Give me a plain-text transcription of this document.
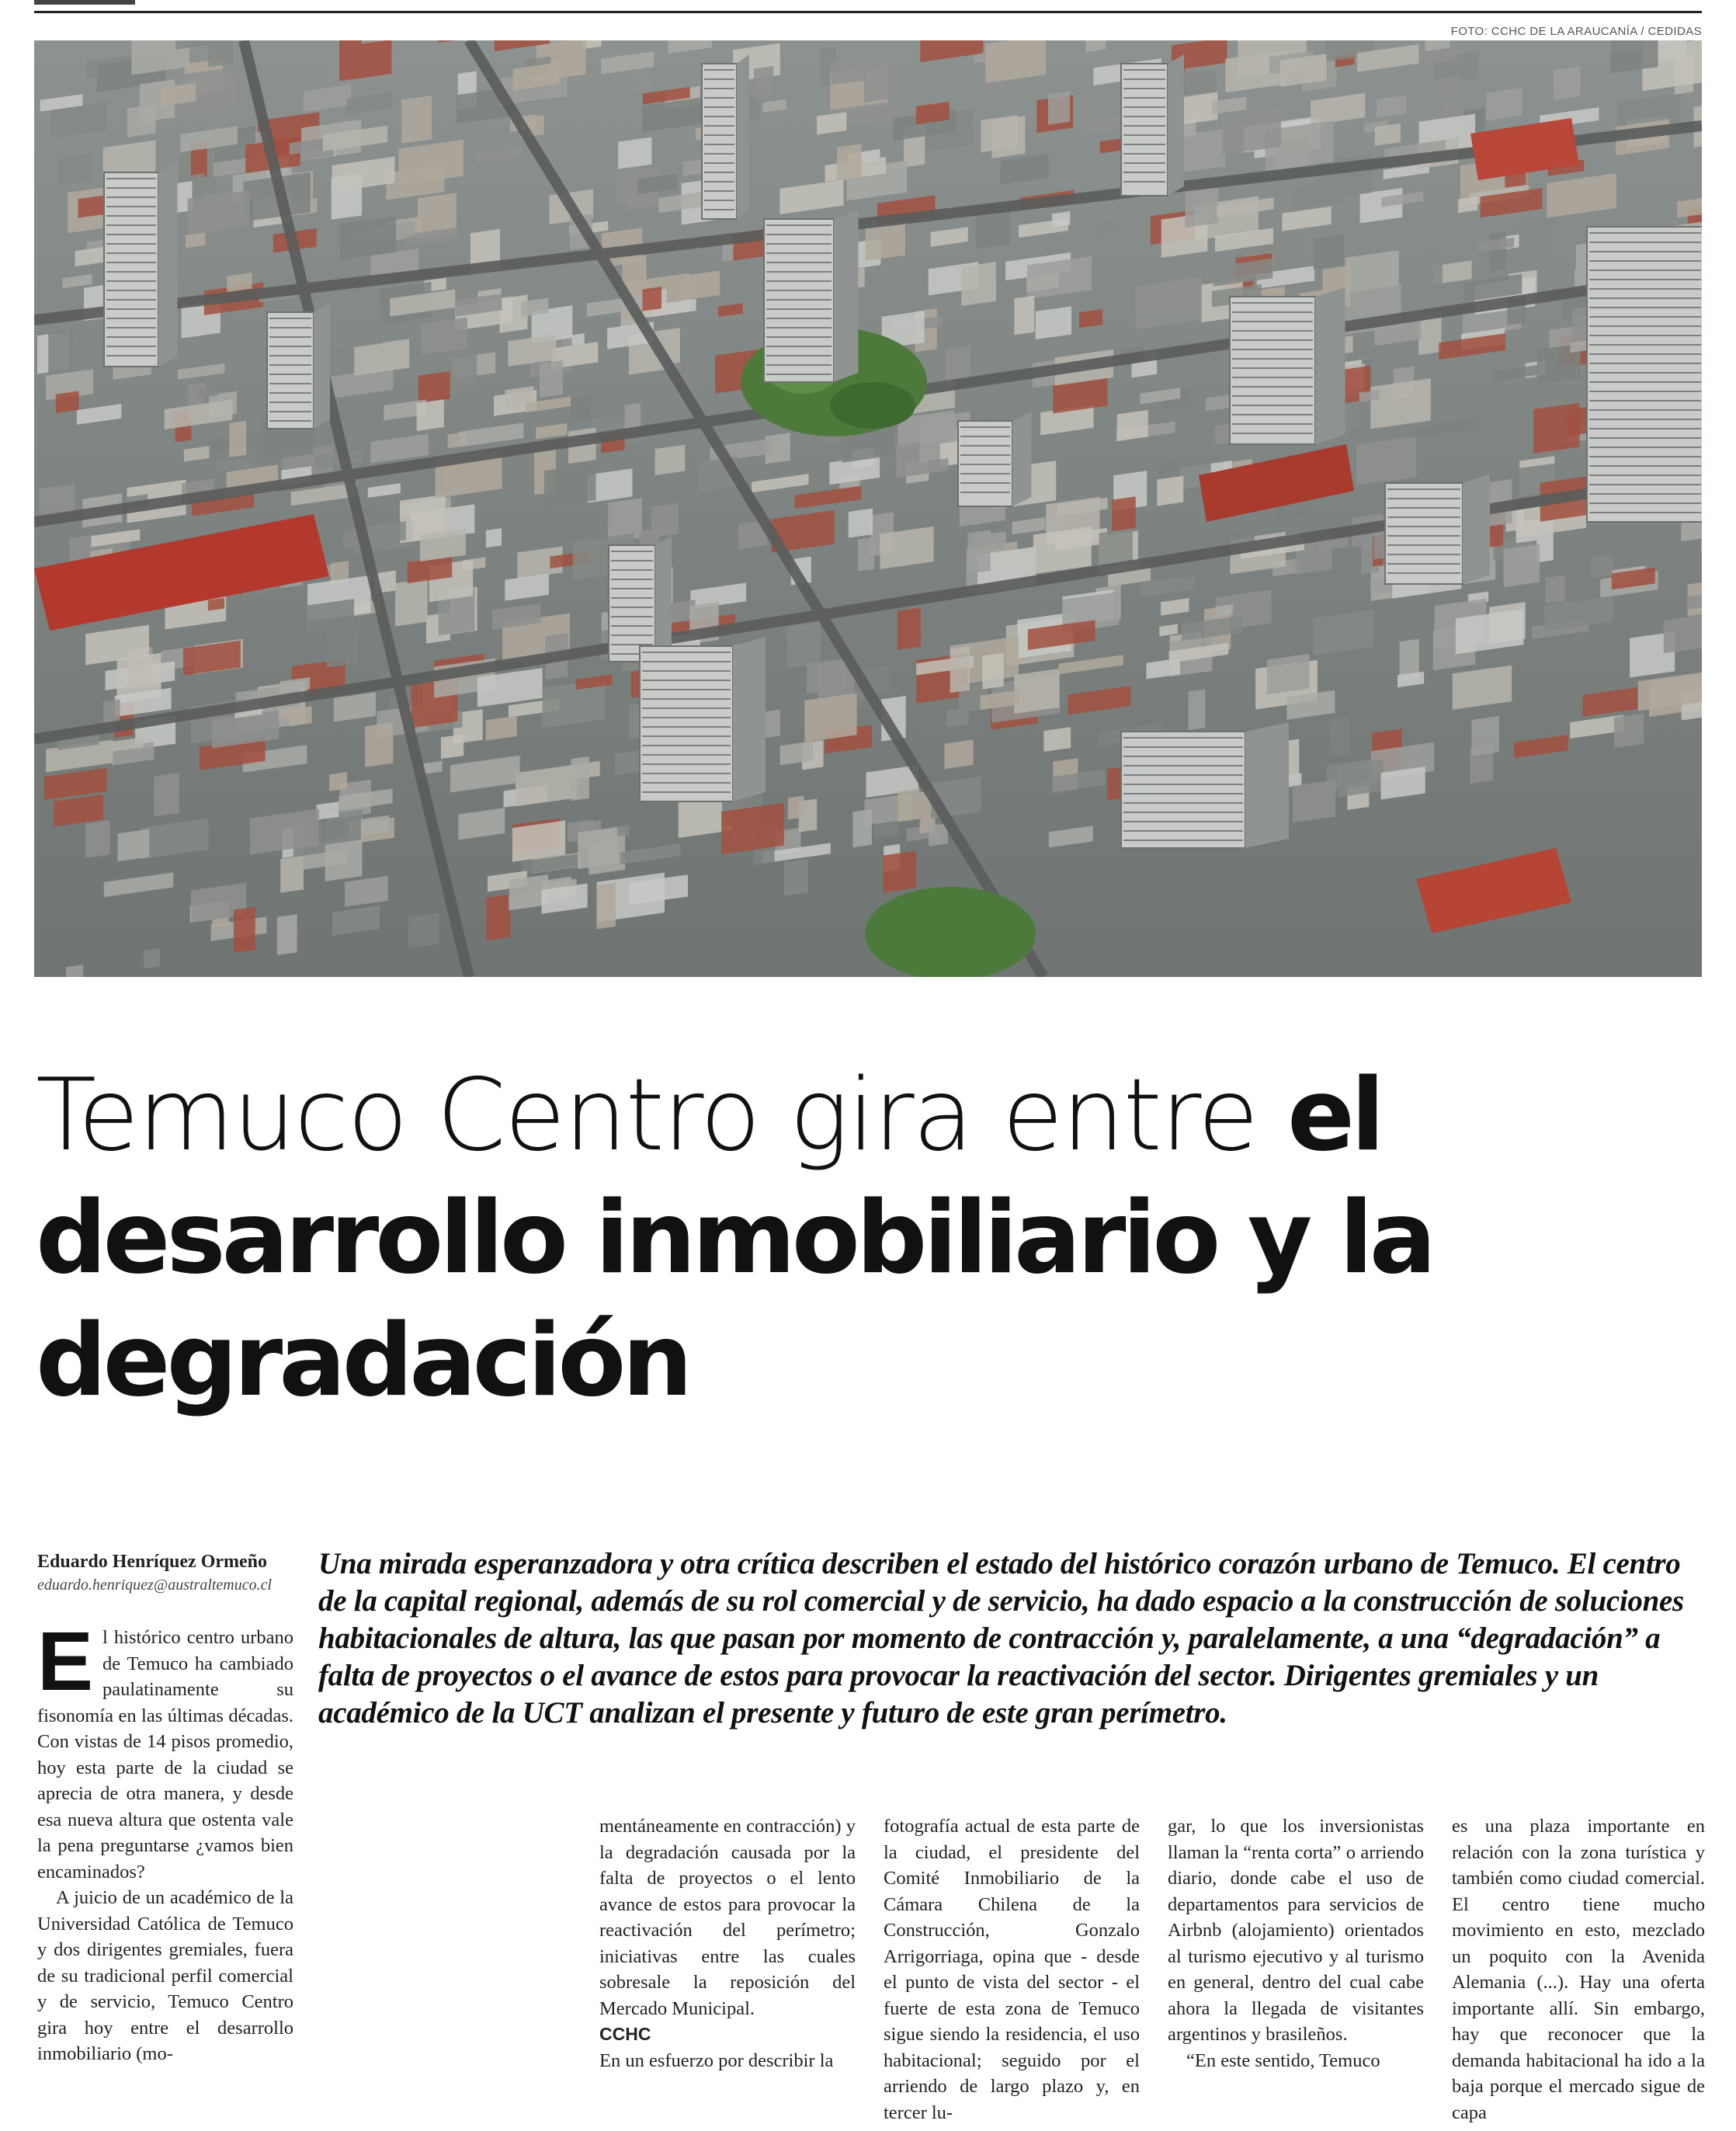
FOTO: CCHC DE LA ARAUCANÍA / CEDIDAS
Temuco Centro gira entre el desarrollo inmobiliario y la degradación
Eduardo Henríquez Ormeño
eduardo.henriquez@australtemuco.cl
Una mirada esperanzadora y otra crítica describen el estado del histórico corazón urbano de Temuco. El centro de la capital regional, además de su rol comercial y de servicio, ha dado espacio a la construcción de soluciones habitacionales de altura, las que pasan por momento de contracción y, paralelamente, a una “degradación” a falta de proyectos o el avance de estos para provocar la reactivación del sector. Dirigentes gremiales y un académico de la UCT analizan el presente y futuro de este gran perímetro.

El histórico centro urbano de Temuco ha cambiado paulatinamente su fisonomía en las últimas décadas. Con vistas de 14 pisos promedio, hoy esta parte de la ciudad se aprecia de otra manera, y desde esa nueva altura que ostenta vale la pena preguntarse ¿vamos bien encaminados?

A juicio de un académico de la Universidad Católica de Temuco y dos dirigentes gremiales, fuera de su tradicional perfil comercial y de servicio, Temuco Centro gira hoy entre el desarrollo inmobiliario (mo-

mentáneamente en contracción) y la degradación causada por la falta de proyectos o el lento avance de estos para provocar la reactivación del perímetro; iniciativas entre las cuales sobresale la reposición del Mercado Municipal.

CCHC

En un esfuerzo por describir la

fotografía actual de esta parte de la ciudad, el presidente del Comité Inmobiliario de la Cámara Chilena de la Construcción, Gonzalo Arrigorriaga, opina que - desde el punto de vista del sector - el fuerte de esta zona de Temuco sigue siendo la residencia, el uso habitacional; seguido por el arriendo de largo plazo y, en tercer lu-

gar, lo que los inversionistas llaman la “renta corta” o arriendo diario, donde cabe el uso de departamentos para servicios de Airbnb (alojamiento) orientados al turismo ejecutivo y al turismo en general, dentro del cual cabe ahora la llegada de visitantes argentinos y brasileños.

“En este sentido, Temuco

es una plaza importante en relación con la zona turística y también como ciudad comercial. El centro tiene mucho movimiento en esto, mezclado un poquito con la Avenida Alemania (...). Hay una oferta importante allí. Sin embargo, hay que reconocer que la demanda habitacional ha ido a la baja porque el mercado sigue de capa
